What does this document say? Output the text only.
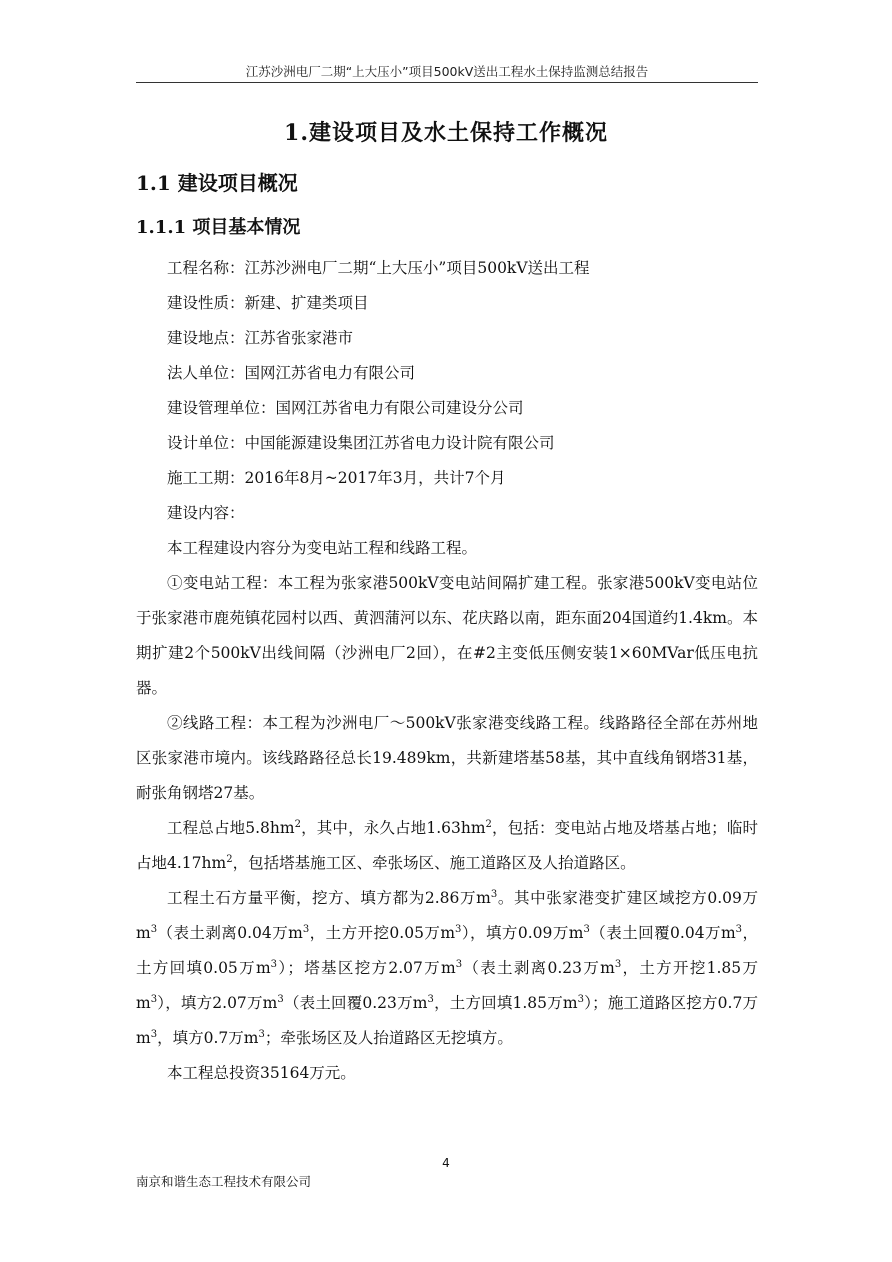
江苏沙洲电厂二期“上大压小”项目500kV送出工程水土保持监测总结报告
1.建设项目及水土保持工作概况
1.1 建设项目概况
1.1.1 项目基本情况

工程名称：江苏沙洲电厂二期“上大压小”项目500kV送出工程

建设性质：新建、扩建类项目

建设地点：江苏省张家港市

法人单位：国网江苏省电力有限公司

建设管理单位：国网江苏省电力有限公司建设分公司

设计单位：中国能源建设集团江苏省电力设计院有限公司

施工工期：2016年8月~2017年3月，共计7个月

建设内容：

本工程建设内容分为变电站工程和线路工程。

①变电站工程：本工程为张家港500kV变电站间隔扩建工程。张家港500kV变电站位于张家港市鹿苑镇花园村以西、黄泗蒲河以东、花庆路以南，距东面204国道约1.4km。本期扩建2个500kV出线间隔（沙洲电厂2回），在#2主变低压侧安装1×60MVar低压电抗器。

②线路工程：本工程为沙洲电厂～500kV张家港变线路工程。线路路径全部在苏州地区张家港市境内。该线路路径总长19.489km，共新建塔基58基，其中直线角钢塔31基，耐张角钢塔27基。

工程总占地$5.8hm^2$，其中，永久占地$1.63hm^2$，包括：变电站占地及塔基占地；临时占地$4.17hm^2$，包括塔基施工区、牵张场区、施工道路区及人抬道路区。

工程土石方量平衡，挖方、填方都为2.86万$m^3$。其中张家港变扩建区域挖方0.09万$m^3$（表土剥离0.04万$m^3$，土方开挖0.05万$m^3$），填方0.09万$m^3$（表土回覆0.04万$m^3$，土方回填0.05万$m^3$）；塔基区挖方2.07万$m^3$（表土剥离0.23万$m^3$，土方开挖1.85万$m^3$），填方2.07万$m^3$（表土回覆0.23万$m^3$，土方回填1.85万$m^3$）；施工道路区挖方0.7万$m^3$，填方0.7万$m^3$；牵张场区及人抬道路区无挖填方。

本工程总投资35164万元。

4
南京和谐生态工程技术有限公司
